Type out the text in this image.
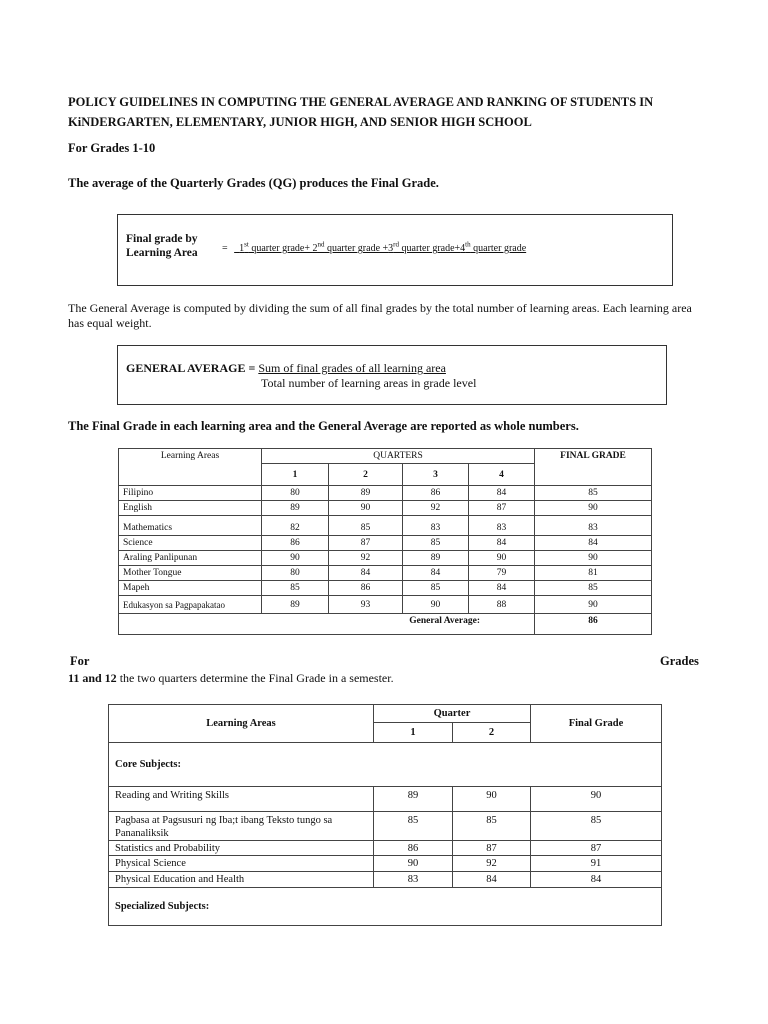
POLICY GUIDELINES IN COMPUTING THE GENERAL AVERAGE AND RANKING OF STUDENTS IN
KiNDERGARTEN, ELEMENTARY, JUNIOR HIGH, AND SENIOR HIGH SCHOOL
For Grades 1-10
The average of the Quarterly Grades (QG) produces the Final Grade.
Final grade by
Learning Area = 1st quarter grade+ 2nd quarter grade +3rd quarter grade+4th quarter grade
The General Average is computed by dividing the sum of all final grades by the total number of learning areas. Each learning area has equal weight.
GENERAL AVERAGE = Sum of final grades of all learning area
Total number of learning areas in grade level
The Final Grade in each learning area and the General Average are reported as whole numbers.
Learning Areas	QUARTERS				FINAL GRADE
	1	2	3	4	
Filipino	80	89	86	84	85
English	89	90	92	87	90
Mathematics	82	85	83	83	83
Science	86	87	85	84	84
Araling Panlipunan	90	92	89	90	90
Mother Tongue	80	84	84	79	81
Mapeh	85	86	85	84	85
Edukasyon sa Pagpapakatao	89	93	90	88	90
General Average:					86
For	Grades
11 and 12 the two quarters determine the Final Grade in a semester.
Learning Areas	Quarter		Final Grade
	1	2	
Core Subjects:			
Reading and Writing Skills	89	90	90
Pagbasa at Pagsusuri ng Iba;t ibang Teksto tungo sa Pananaliksik	85	85	85
Statistics and Probability	86	87	87
Physical Science	90	92	91
Physical Education and Health	83	84	84
Specialized Subjects:			
